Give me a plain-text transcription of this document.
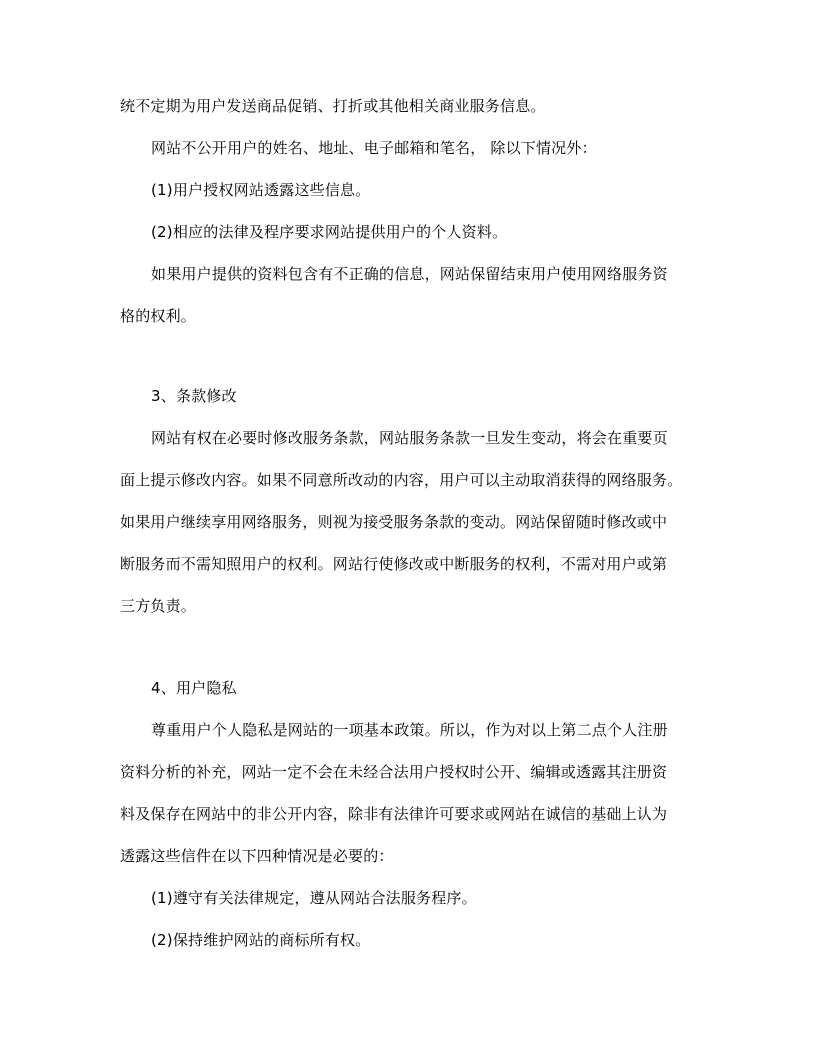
统不定期为用户发送商品促销、打折或其他相关商业服务信息。
网站不公开用户的姓名、地址、电子邮箱和笔名， 除以下情况外：
(1)用户授权网站透露这些信息。
(2)相应的法律及程序要求网站提供用户的个人资料。
如果用户提供的资料包含有不正确的信息，网站保留结束用户使用网络服务资
格的权利。
3、条款修改
网站有权在必要时修改服务条款，网站服务条款一旦发生变动，将会在重要页
面上提示修改内容。如果不同意所改动的内容，用户可以主动取消获得的网络服务。
如果用户继续享用网络服务，则视为接受服务条款的变动。网站保留随时修改或中
断服务而不需知照用户的权利。网站行使修改或中断服务的权利，不需对用户或第
三方负责。
4、用户隐私
尊重用户个人隐私是网站的一项基本政策。所以，作为对以上第二点个人注册
资料分析的补充，网站一定不会在未经合法用户授权时公开、编辑或透露其注册资
料及保存在网站中的非公开内容，除非有法律许可要求或网站在诚信的基础上认为
透露这些信件在以下四种情况是必要的：
(1)遵守有关法律规定，遵从网站合法服务程序。
(2)保持维护网站的商标所有权。
